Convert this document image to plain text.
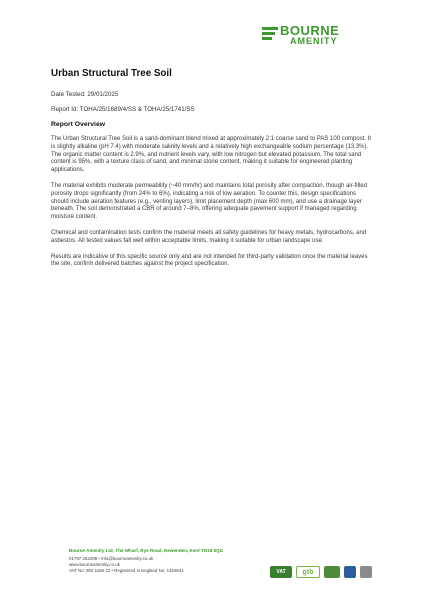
BOURNE
AMENITY
Urban Structural Tree Soil
Date Tested: 29/01/2025
Report Id: TOHA/25/1689/4/SS & TOHA/25/1741/SS
Report Overview

The Urban Structural Tree Soil is a sand-dominant blend mixed at approximately 2:1 coarse sand to PAS 100 compost. It is slightly alkaline (pH 7.4) with moderate salinity levels and a relatively high exchangeable sodium percentage (13.3%). The organic matter content is 2.9%, and nutrient levels vary, with low nitrogen but elevated potassium. The total sand content is 95%, with a texture class of sand, and minimal stone content, making it suitable for engineered planting applications.

The material exhibits moderate permeability (~40 mm/hr) and maintains total porosity after compaction, though air-filled porosity drops significantly (from 24% to 6%), indicating a risk of low aeration. To counter this, design specifications should include aeration features (e.g., venting layers), limit placement depth (max 600 mm), and use a drainage layer beneath. The soil demonstrated a CBR of around 7–8%, offering adequate pavement support if managed regarding moisture content.

Chemical and contamination tests confirm the material meets all safety guidelines for heavy metals, hydrocarbons, and asbestos. All tested values fall well within acceptable limits, making it suitable for urban landscape use.

Results are indicative of this specific source only and are not intended for third-party validation once the material leaves the site, confirm delivered batches against the project specification.

Bourne Amenity Ltd, The Wharf, Rye Road, Newenden, Kent TN18 5QG
01797 252299 • info@bourneamenity.co.uk
www.bourneamenity.co.uk
VAT No: 862 1186 22 • Registered in England No: 1453831	VAT	gtb
